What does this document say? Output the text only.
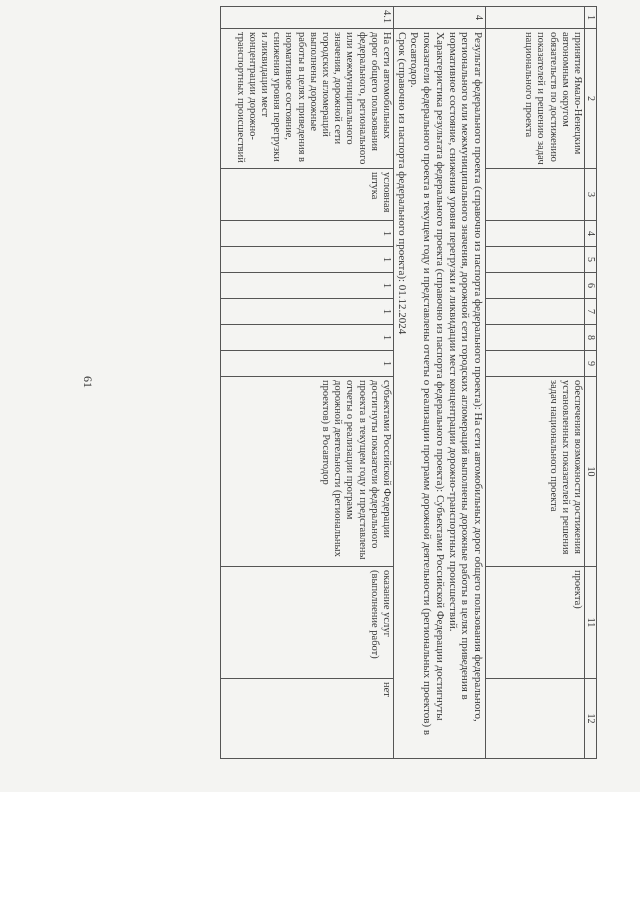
61
1	2	3	4	5	6	7	8	9	10	11	12
	принятие Ямало-Ненецким автономным округом обязательств по достижению показателей и решению задач национального проекта								обеспечения возможности достижения установленных показателей и решения задач национального проекта	проекта)	
4	Результат федерального проекта (справочно из паспорта федерального проекта): На сети автомобильных дорог общего пользования федерального, регионального или межмуниципального значения, дорожной сети городских агломераций выполнены дорожные работы в целях приведения в нормативное состояние, снижения уровня перегрузки и ликвидации мест концентрации дорожно-транспортных происшествий.
Характеристика результата федерального проекта (справочно из паспорта федерального проекта): Субъектами Российской Федерации достигнуты показатели федерального проекта в текущем году и представлены отчеты о реализации программ дорожной деятельности (региональных проектов) в Росавтодор.
Срок (справочно из паспорта федерального проекта): 01.12.2024										

4.1	На сети автомобильных дорог общего пользования федерального, регионального или межмуниципального значения, дорожной сети городских агломераций выполнены дорожные работы в целях приведения в нормативное состояние, снижения уровня перегрузки и ликвидации мест концентрации дорожно-транспортных происшествий	условная штука	1	1	1	1	1	1	субъектами Российской Федерации достигнуты показатели федерального проекта в текущем году и представлены отчеты о реализации программ дорожной деятельности (региональных проектов) в Росавтодор	оказание услуг (выполнение работ)	нет
